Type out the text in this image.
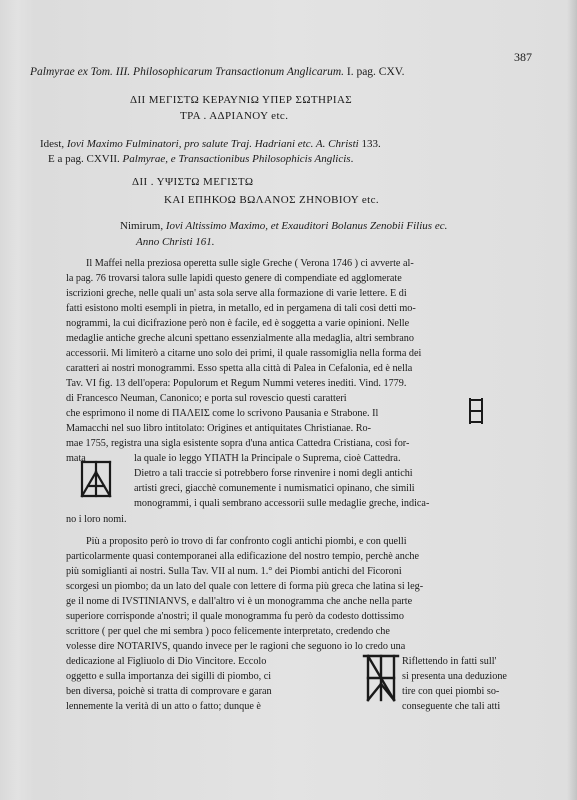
387
Palmyrae ex Tom. III. Philosophicarum Transactionum Anglicarum. I. pag. CXV.
ΔΙΙ ΜΕΓΙΣΤΩ ΚΕΡΑΥΝΙΩ ΥΠΕΡ ΣΩΤΗΡΙΑΣ
ΤΡΑ . ΑΔΡΙΑΝΟΥ etc.
Idest, Iovi Maximo Fulminatori, pro salute Traj. Hadriani etc. A. Christi 133.
E a pag. CXVII. Palmyrae, e Transactionibus Philosophicis Anglicis.
ΔΙΙ . ΥΨΙΣΤΩ ΜΕΓΙΣΤΩ
ΚΑΙ ΕΠΗΚΟΩ ΒΩΛΑΝΟΣ ΖΗΝΟΒΙΟΥ etc.
Nimirum, Iovi Altissimo Maximo, et Exauditori Bolanus Zenobii Filius ec.
Anno Christi 161.
Il Maffei nella preziosa operetta sulle sigle Greche ( Verona 1746 ) ci avverte al-
la pag. 76 trovarsi talora sulle lapidi questo genere di compendiate ed agglomerate
iscrizioni greche, nelle quali un' asta sola serve alla formazione di varie lettere. E di
fatti esistono molti esempli in pietra, in metallo, ed in pergamena di tali così detti mo-
nogrammi, la cui dicifrazione però non è facile, ed è soggetta a varie opinioni. Nelle
medaglie antiche greche alcuni spettano essenzialmente alla medaglia, altri sembrano
accessorii. Mi limiterò a citarne uno solo dei primi, il quale rassomiglia nella forma dei
caratteri ai nostri monogrammi. Esso spetta alla città di Palea in Cefalonia, ed è nella
Tav. VI fig. 13 dell'opera: Populorum et Regum Nummi veteres inediti. Vind. 1779.
di Francesco Neuman, Canonico; e porta sul rovescio questi caratteri
che esprimono il nome di ΠΑΛΕΙΣ come lo scrivono Pausania e Strabone. Il
Mamacchi nel suo libro intitolato: Origines et antiquitates Christianae. Ro-
mae 1755, registra una sigla esistente sopra d'una antica Cattedra Cristiana, così for-
mata	la quale io leggo ΥΠΑΤΗ la Principale o Suprema, cioè Cattedra.
Dietro a tali traccie si potrebbero forse rinvenire i nomi degli antichi
artisti greci, giacchè comunemente i numismatici opinano, che simili
monogrammi, i quali sembrano accessorii sulle medaglie greche, indica-
no i loro nomi.
Più a proposito però io trovo di far confronto cogli antichi piombi, e con quelli
particolarmente quasi contemporanei alla edificazione del nostro tempio, perchè anche
più somiglianti ai nostri. Sulla Tav. VII al num. 1.° dei Piombi antichi del Ficoroni
scorgesi un piombo; da un lato del quale con lettere di forma più greca che latina si leg-
ge il nome di IVSTINIANVS, e dall'altro vi è un monogramma che anche nella parte
superiore corrisponde a'nostri; il quale monogramma fu però da codesto dottissimo
scrittore ( per quel che mi sembra ) poco felicemente interpretato, credendo che
volesse dire NOTARIVS, quando invece per le ragioni che seguono io lo credo una
dedicazione al Figliuolo di Dio Vincitore. Eccolo	Riflettendo in fatti sull'
oggetto e sulla importanza dei sigilli di piombo, ci	si presenta una deduzione
ben diversa, poichè si tratta di comprovare e garan	tire con quei piombi so-
lennemente la verità di un atto o fatto; dunque è	conseguente che tali atti
